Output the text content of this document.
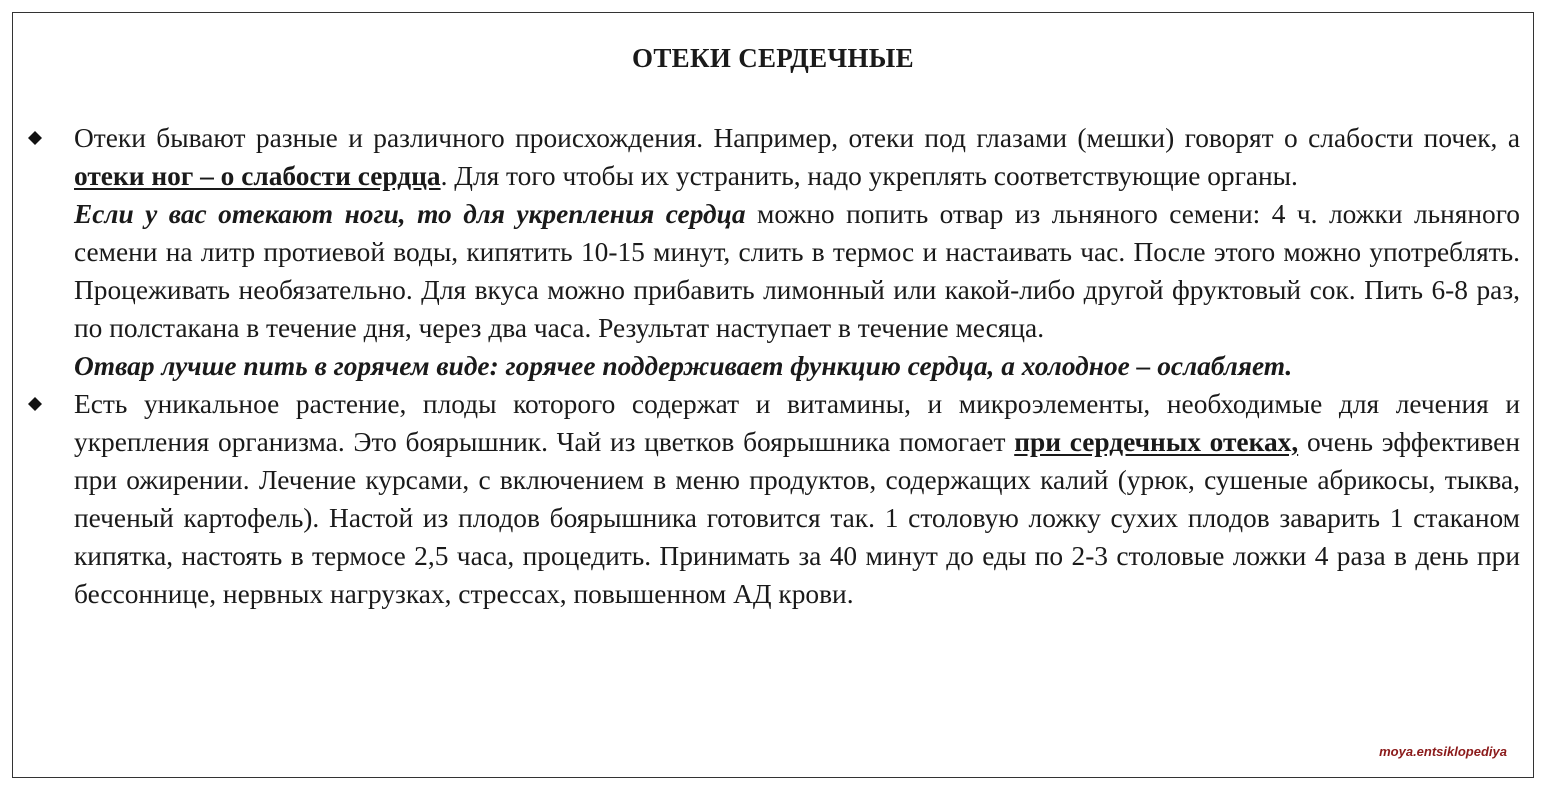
ОТЕКИ СЕРДЕЧНЫЕ

Отеки бывают разные и различного происхождения. Например, отеки под глазами (мешки) говорят о слабости почек, а отеки ног – о слабости сердца. Для того чтобы их устранить, надо укреплять соответствующие органы.

Если у вас отекают ноги, то для укрепления сердца можно попить отвар из льняного семени: 4 ч. ложки льняного семени на литр протиевой воды, кипятить 10-15 минут, слить в термос и настаивать час. После этого можно употреблять. Процеживать необязательно. Для вкуса можно прибавить лимонный или какой-либо другой фруктовый сок. Пить 6-8 раз, по полстакана в течение дня, через два часа. Результат наступает в течение месяца.

Отвар лучше пить в горячем виде: горячее поддерживает функцию сердца, а холодное – ослабляет.

Есть уникальное растение, плоды которого содержат и витамины, и микроэлементы, необходимые для лечения и укрепления организма. Это боярышник. Чай из цветков боярышника помогает при сердечных отеках, очень эффективен при ожирении. Лечение курсами, с включением в меню продуктов, содержащих калий (урюк, сушеные абрикосы, тыква, печеный картофель). Настой из плодов боярышника готовится так. 1 столовую ложку сухих плодов заварить 1 стаканом кипятка, настоять в термосе 2,5 часа, процедить. Принимать за 40 минут до еды по 2-3 столовые ложки 4 раза в день при бессоннице, нервных нагрузках, стрессах, повышенном АД крови.

moya.entsiklopediya
